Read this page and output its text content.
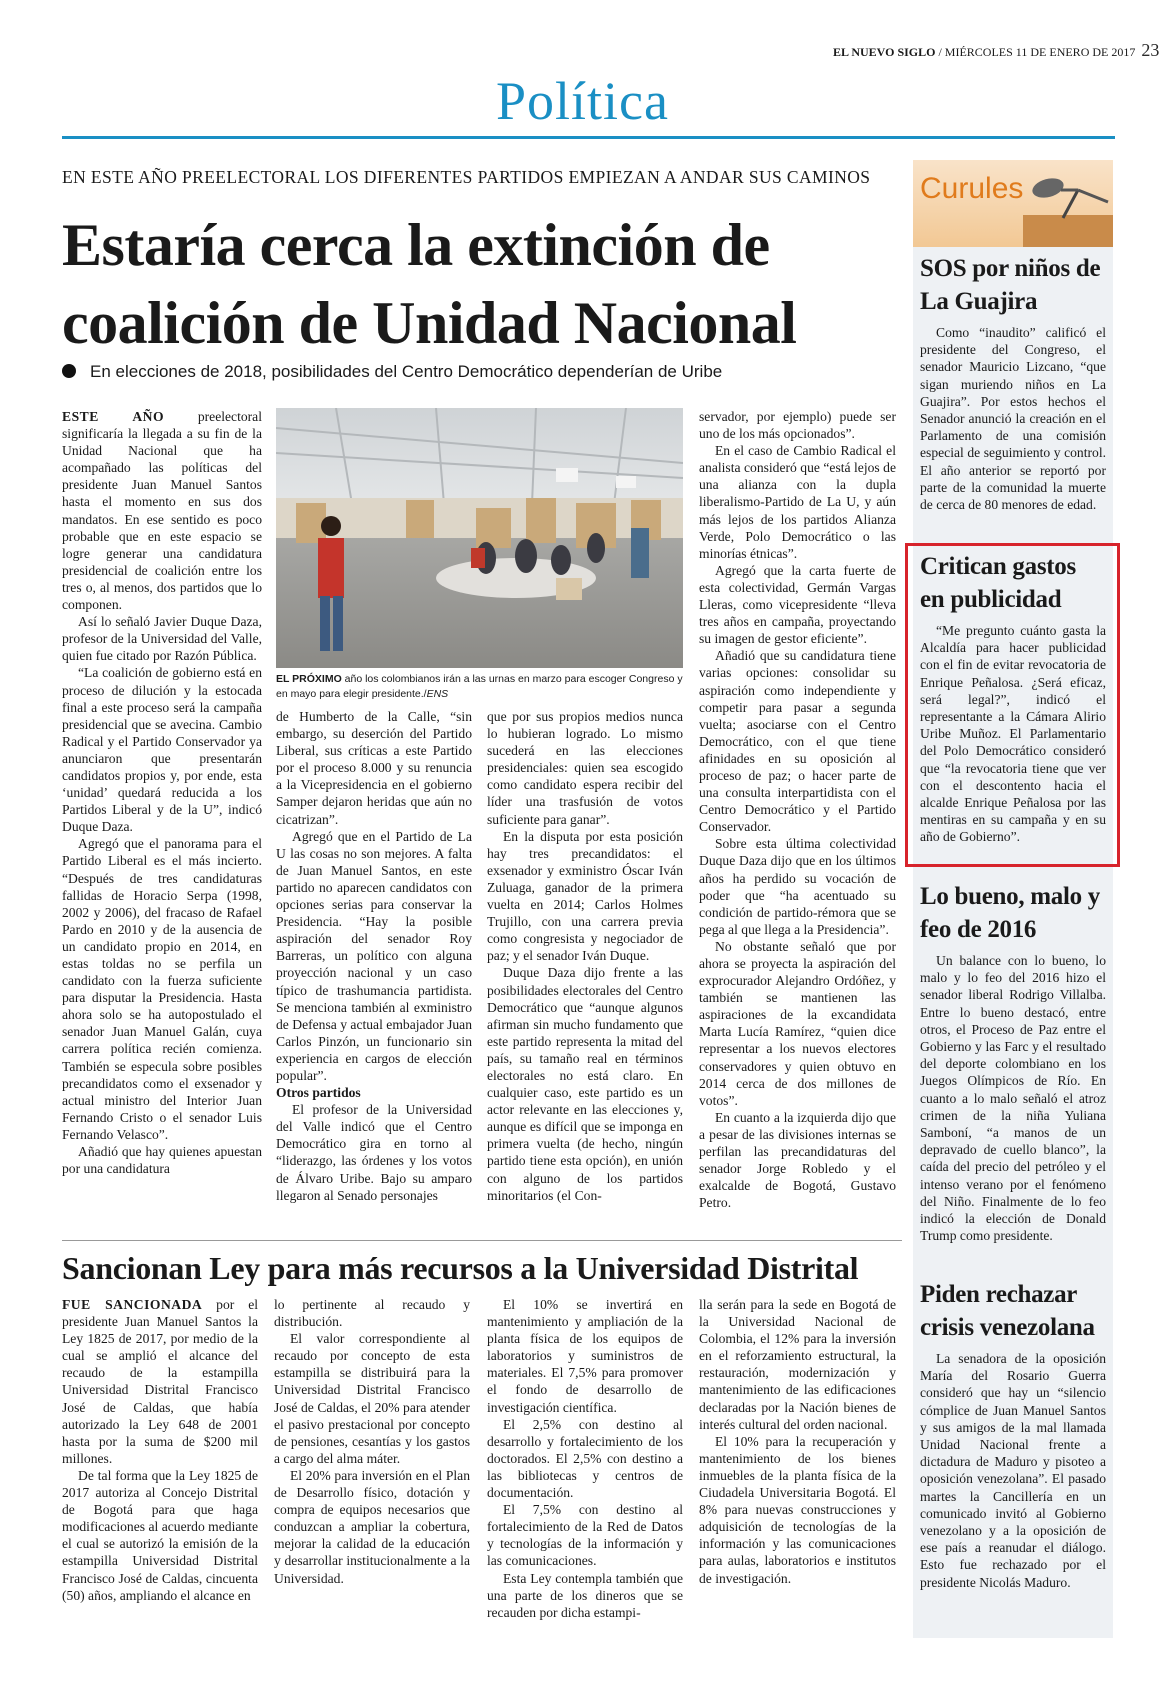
EL NUEVO SIGLO / MIÉRCOLES 11 DE ENERO DE 2017 23
Política
EN ESTE AÑO PREELECTORAL LOS DIFERENTES PARTIDOS EMPIEZAN A ANDAR SUS CAMINOS
Estaría cerca la extinción de coalición de Unidad Nacional
En elecciones de 2018, posibilidades del Centro Democrático dependerían de Uribe

ESTE AÑO preelectoral significaría la llegada a su fin de la Unidad Nacional que ha acompañado las políticas del presidente Juan Manuel Santos hasta el momento en sus dos mandatos. En ese sentido es poco probable que en este espacio se logre generar una candidatura presidencial de coalición entre los tres o, al menos, dos partidos que lo componen.

Así lo señaló Javier Duque Daza, profesor de la Universidad del Valle, quien fue citado por Razón Pública.

“La coalición de gobierno está en proceso de dilución y la estocada final a este proceso será la campaña presidencial que se avecina. Cambio Radical y el Partido Conservador ya anunciaron que presentarán candidatos propios y, por ende, esta ‘unidad’ quedará reducida a los Partidos Liberal y de la U”, indicó Duque Daza.

Agregó que el panorama para el Partido Liberal es el más incierto. “Después de tres candidaturas fallidas de Horacio Serpa (1998, 2002 y 2006), del fracaso de Rafael Pardo en 2010 y de la ausencia de un candidato propio en 2014, en estas toldas no se perfila un candidato con la fuerza suficiente para disputar la Presidencia. Hasta ahora solo se ha autopostulado el senador Juan Manuel Galán, cuya carrera política recién comienza. También se especula sobre posibles precandidatos como el exsenador y actual ministro del Interior Juan Fernando Cristo o el senador Luis Fernando Velasco”.

Añadió que hay quienes apuestan por una candidatura

EL PRÓXIMO año los colombianos irán a las urnas en marzo para escoger Congreso y en mayo para elegir presidente./ENS

de Humberto de la Calle, “sin embargo, su deserción del Partido Liberal, sus críticas a este Partido por el proceso 8.000 y su renuncia a la Vicepresidencia en el gobierno Samper dejaron heridas que aún no cicatrizan”.

Agregó que en el Partido de La U las cosas no son mejores. A falta de Juan Manuel Santos, en este partido no aparecen candidatos con opciones serias para conservar la Presidencia. “Hay la posible aspiración del senador Roy Barreras, un político con alguna proyección nacional y un caso típico de trashumancia partidista. Se menciona también al exministro de Defensa y actual embajador Juan Carlos Pinzón, un funcionario sin experiencia en cargos de elección popular”.

Otros partidos

El profesor de la Universidad del Valle indicó que el Centro Democrático gira en torno al “liderazgo, las órdenes y los votos de Álvaro Uribe. Bajo su amparo llegaron al Senado personajes

que por sus propios medios nunca lo hubieran logrado. Lo mismo sucederá en las elecciones presidenciales: quien sea escogido como candidato espera recibir del líder una trasfusión de votos suficiente para ganar”.

En la disputa por esta posición hay tres precandidatos: el exsenador y exministro Óscar Iván Zuluaga, ganador de la primera vuelta en 2014; Carlos Holmes Trujillo, con una carrera previa como congresista y negociador de paz; y el senador Iván Duque.

Duque Daza dijo frente a las posibilidades electorales del Centro Democrático que “aunque algunos afirman sin mucho fundamento que este partido representa la mitad del país, su tamaño real en términos electorales no está claro. En cualquier caso, este partido es un actor relevante en las elecciones y, aunque es difícil que se imponga en primera vuelta (de hecho, ningún partido tiene esta opción), en unión con alguno de los partidos minoritarios (el Con-

servador, por ejemplo) puede ser uno de los más opcionados”.

En el caso de Cambio Radical el analista consideró que “está lejos de una alianza con la dupla liberalismo-Partido de La U, y aún más lejos de los partidos Alianza Verde, Polo Democrático o las minorías étnicas”.

Agregó que la carta fuerte de esta colectividad, Germán Vargas Lleras, como vicepresidente “lleva tres años en campaña, proyectando su imagen de gestor eficiente”.

Añadió que su candidatura tiene varias opciones: consolidar su aspiración como independiente y competir para pasar a segunda vuelta; asociarse con el Centro Democrático, con el que tiene afinidades en su oposición al proceso de paz; o hacer parte de una consulta interpartidista con el Centro Democrático y el Partido Conservador.

Sobre esta última colectividad Duque Daza dijo que en los últimos años ha perdido su vocación de poder que “ha acentuado su condición de partido-rémora que se pega al que llega a la Presidencia”.

No obstante señaló que por ahora se proyecta la aspiración del exprocurador Alejandro Ordóñez, y también se mantienen las aspiraciones de la excandidata Marta Lucía Ramírez, “quien dice representar a los nuevos electores conservadores y quien obtuvo en 2014 cerca de dos millones de votos”.

En cuanto a la izquierda dijo que a pesar de las divisiones internas se perfilan las precandidaturas del senador Jorge Robledo y el exalcalde de Bogotá, Gustavo Petro.

Sancionan Ley para más recursos a la Universidad Distrital

FUE SANCIONADA por el presidente Juan Manuel Santos la Ley 1825 de 2017, por medio de la cual se amplió el alcance del recaudo de la estampilla Universidad Distrital Francisco José de Caldas, que había autorizado la Ley 648 de 2001 hasta por la suma de $200 mil millones.

De tal forma que la Ley 1825 de 2017 autoriza al Concejo Distrital de Bogotá para que haga modificaciones al acuerdo mediante el cual se autorizó la emisión de la estampilla Universidad Distrital Francisco José de Caldas, cincuenta (50) años, ampliando el alcance en

lo pertinente al recaudo y distribución.

El valor correspondiente al recaudo por concepto de esta estampilla se distribuirá para la Universidad Distrital Francisco José de Caldas, el 20% para atender el pasivo prestacional por concepto de pensiones, cesantías y los gastos a cargo del alma máter.

El 20% para inversión en el Plan de Desarrollo físico, dotación y compra de equipos necesarios que conduzcan a ampliar la cobertura, mejorar la calidad de la educación y desarrollar institucionalmente a la Universidad.

El 10% se invertirá en mantenimiento y ampliación de la planta física de los equipos de laboratorios y suministros de materiales. El 7,5% para promover el fondo de desarrollo de investigación científica.

El 2,5% con destino al desarrollo y fortalecimiento de los doctorados. El 2,5% con destino a las bibliotecas y centros de documentación.

El 7,5% con destino al fortalecimiento de la Red de Datos y tecnologías de la información y las comunicaciones.

Esta Ley contempla también que una parte de los dineros que se recauden por dicha estampi-

lla serán para la sede en Bogotá de la Universidad Nacional de Colombia, el 12% para la inversión en el reforzamiento estructural, la restauración, modernización y mantenimiento de las edificaciones declaradas por la Nación bienes de interés cultural del orden nacional.

El 10% para la recuperación y mantenimiento de los bienes inmuebles de la planta física de la Ciudadela Universitaria Bogotá. El 8% para nuevas construcciones y adquisición de tecnologías de la información y las comunicaciones para aulas, laboratorios e institutos de investigación.

Curules
SOS por niños de La Guajira

Como “inaudito” calificó el presidente del Congreso, el senador Mauricio Lizcano, “que sigan muriendo niños en La Guajira”. Por estos hechos el Senador anunció la creación en el Parlamento de una comisión especial de seguimiento y control. El año anterior se reportó por parte de la comunidad la muerte de cerca de 80 menores de edad.

Critican gastos en publicidad

“Me pregunto cuánto gasta la Alcaldía para hacer publicidad con el fin de evitar revocatoria de Enrique Peñalosa. ¿Será eficaz, será legal?”, indicó el representante a la Cámara Alirio Uribe Muñoz. El Parlamentario del Polo Democrático consideró que “la revocatoria tiene que ver con el descontento hacia el alcalde Enrique Peñalosa por las mentiras en su campaña y en su año de Gobierno”.

Lo bueno, malo y feo de 2016

Un balance con lo bueno, lo malo y lo feo del 2016 hizo el senador liberal Rodrigo Villalba. Entre lo bueno destacó, entre otros, el Proceso de Paz entre el Gobierno y las Farc y el resultado del deporte colombiano en los Juegos Olímpicos de Río. En cuanto a lo malo señaló el atroz crimen de la niña Yuliana Samboní, “a manos de un depravado de cuello blanco”, la caída del precio del petróleo y el intenso verano por el fenómeno del Niño. Finalmente de lo feo indicó la elección de Donald Trump como presidente.

Piden rechazar crisis venezolana

La senadora de la oposición María del Rosario Guerra consideró que hay un “silencio cómplice de Juan Manuel Santos y sus amigos de la mal llamada Unidad Nacional frente a dictadura de Maduro y pisoteo a oposición venezolana”. El pasado martes la Cancillería en un comunicado invitó al Gobierno venezolano y a la oposición de ese país a reanudar el diálogo. Esto fue rechazado por el presidente Nicolás Maduro.
